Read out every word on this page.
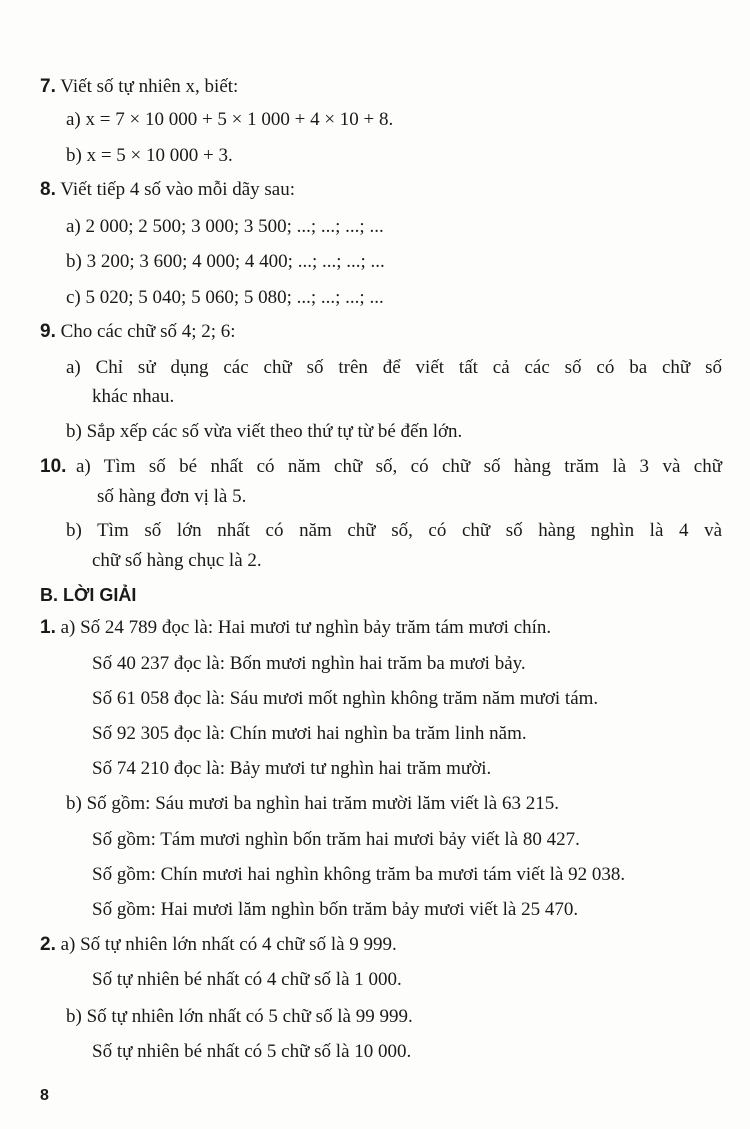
7. Viết số tự nhiên x, biết:
a) x = 7 × 10 000 + 5 × 1 000 + 4 × 10 + 8.
b) x = 5 × 10 000 + 3.
8. Viết tiếp 4 số vào mỗi dãy sau:
a) 2 000; 2 500; 3 000; 3 500; ...; ...; ...; ...
b) 3 200; 3 600; 4 000; 4 400; ...; ...; ...; ...
c) 5 020; 5 040; 5 060; 5 080; ...; ...; ...; ...
9. Cho các chữ số 4; 2; 6:
a) Chỉ sử dụng các chữ số trên để viết tất cả các số có ba chữ số
khác nhau.
b) Sắp xếp các số vừa viết theo thứ tự từ bé đến lớn.
10. a) Tìm số bé nhất có năm chữ số, có chữ số hàng trăm là 3 và chữ
số hàng đơn vị là 5.
b) Tìm số lớn nhất có năm chữ số, có chữ số hàng nghìn là 4 và
chữ số hàng chục là 2.
B. LỜI GIẢI
1. a) Số 24 789 đọc là: Hai mươi tư nghìn bảy trăm tám mươi chín.
Số 40 237 đọc là: Bốn mươi nghìn hai trăm ba mươi bảy.
Số 61 058 đọc là: Sáu mươi mốt nghìn không trăm năm mươi tám.
Số 92 305 đọc là: Chín mươi hai nghìn ba trăm linh năm.
Số 74 210 đọc là: Bảy mươi tư nghìn hai trăm mười.
b) Số gồm: Sáu mươi ba nghìn hai trăm mười lăm viết là 63 215.
Số gồm: Tám mươi nghìn bốn trăm hai mươi bảy viết là 80 427.
Số gồm: Chín mươi hai nghìn không trăm ba mươi tám viết là 92 038.
Số gồm: Hai mươi lăm nghìn bốn trăm bảy mươi viết là 25 470.
2. a) Số tự nhiên lớn nhất có 4 chữ số là 9 999.
Số tự nhiên bé nhất có 4 chữ số là 1 000.
b) Số tự nhiên lớn nhất có 5 chữ số là 99 999.
Số tự nhiên bé nhất có 5 chữ số là 10 000.
8
